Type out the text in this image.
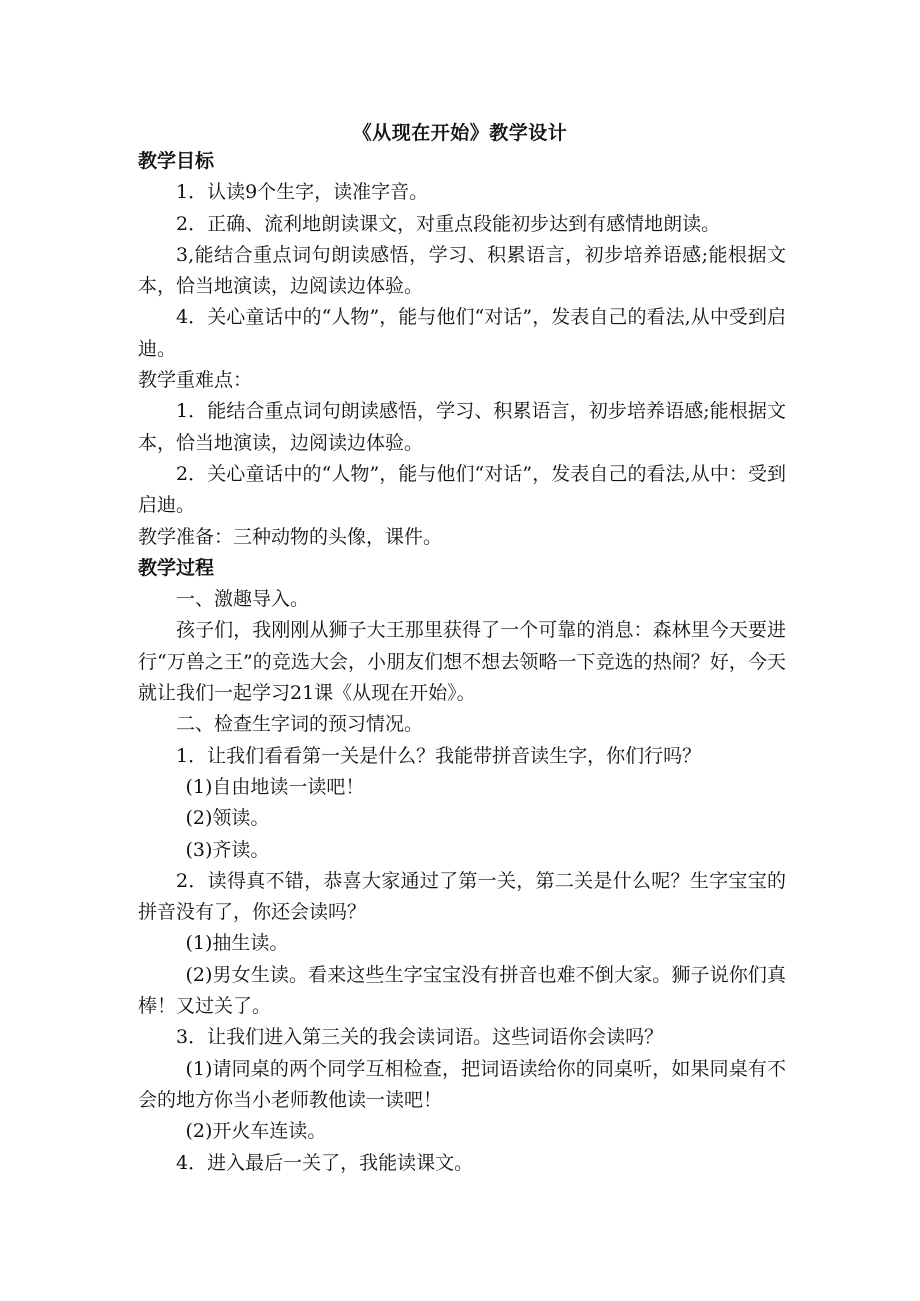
《从现在开始》教学设计

教学目标

1．认读9个生字，读准字音。

2．正确、流利地朗读课文，对重点段能初步达到有感情地朗读。

3,能结合重点词句朗读感悟，学习、积累语言，初步培养语感;能根据文本，恰当地演读，边阅读边体验。

4．关心童话中的“人物”，能与他们“对话”，发表自己的看法,从中受到启迪。

教学重难点：

1．能结合重点词句朗读感悟，学习、积累语言，初步培养语感;能根据文本，恰当地演读，边阅读边体验。

2．关心童话中的“人物”，能与他们“对话”，发表自己的看法,从中：受到启迪。

教学准备：三种动物的头像，课件。

教学过程

一、激趣导入。

孩子们，我刚刚从狮子大王那里获得了一个可靠的消息：森林里今天要进行“万兽之王”的竞选大会，小朋友们想不想去领略一下竞选的热闹？好，今天就让我们一起学习21课《从现在开始》。

二、检查生字词的预习情况。

1．让我们看看第一关是什么？我能带拼音读生字，你们行吗？

(1)自由地读一读吧！

(2)领读。

(3)齐读。

2．读得真不错，恭喜大家通过了第一关，第二关是什么呢？生字宝宝的拼音没有了，你还会读吗？

(1)抽生读。

(2)男女生读。看来这些生字宝宝没有拼音也难不倒大家。狮子说你们真棒！又过关了。

3．让我们进入第三关的我会读词语。这些词语你会读吗？

(1)请同桌的两个同学互相检查，把词语读给你的同桌听，如果同桌有不会的地方你当小老师教他读一读吧！

(2)开火车连读。

4．进入最后一关了，我能读课文。
